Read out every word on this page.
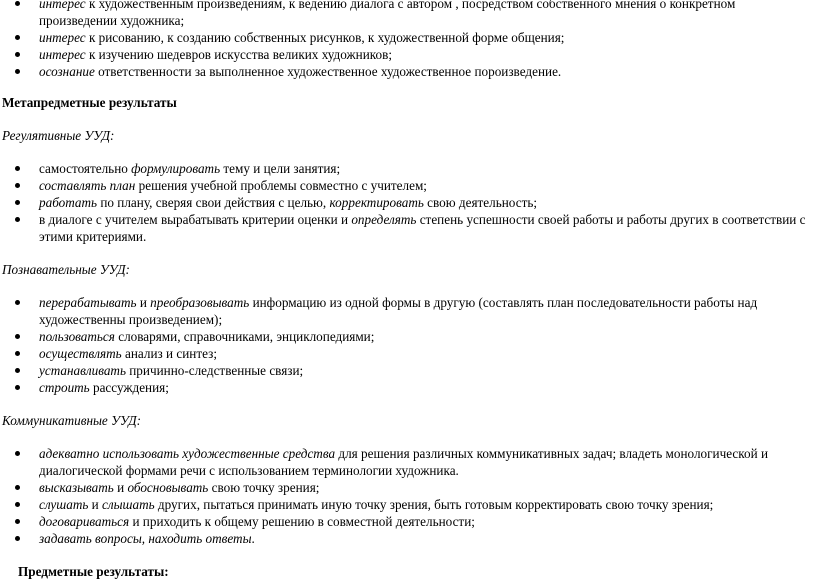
интерес к художественным произведениям, к ведению диалога с автором , посредством собственного мнения о конкретном произведении художника;
интерес к рисованию, к созданию собственных рисунков, к художественной форме общения;
интерес к изучению шедевров искусства великих художников;
осознание ответственности за выполненное художественное художественное пороизведение.

Метапредметные результаты

Регулятивные УУД:

самостоятельно формулировать тему и цели занятия;
составлять план решения учебной проблемы совместно с учителем;
работать по плану, сверяя свои действия с целью, корректировать свою деятельность;
в диалоге с учителем вырабатывать критерии оценки и определять степень успешности своей работы и работы других в соответствии с этими критериями.

Познавательные УУД:

перерабатывать и преобразовывать информацию из одной формы в другую (составлять план последовательности работы над художественны произведением);
пользоваться словарями, справочниками, энциклопедиями;
осуществлять анализ и синтез;
устанавливать причинно-следственные связи;
строить рассуждения;

Коммуникативные УУД:

адекватно использовать художественные средства для решения различных коммуникативных задач; владеть монологической и диалогической формами речи с использованием терминологии художника.
высказывать и обосновывать свою точку зрения;
слушать и слышать других, пытаться принимать иную точку зрения, быть готовым корректировать свою точку зрения;
договариваться и приходить к общему решению в совместной деятельности;
задавать вопросы, находить ответы.

Предметные результаты:
